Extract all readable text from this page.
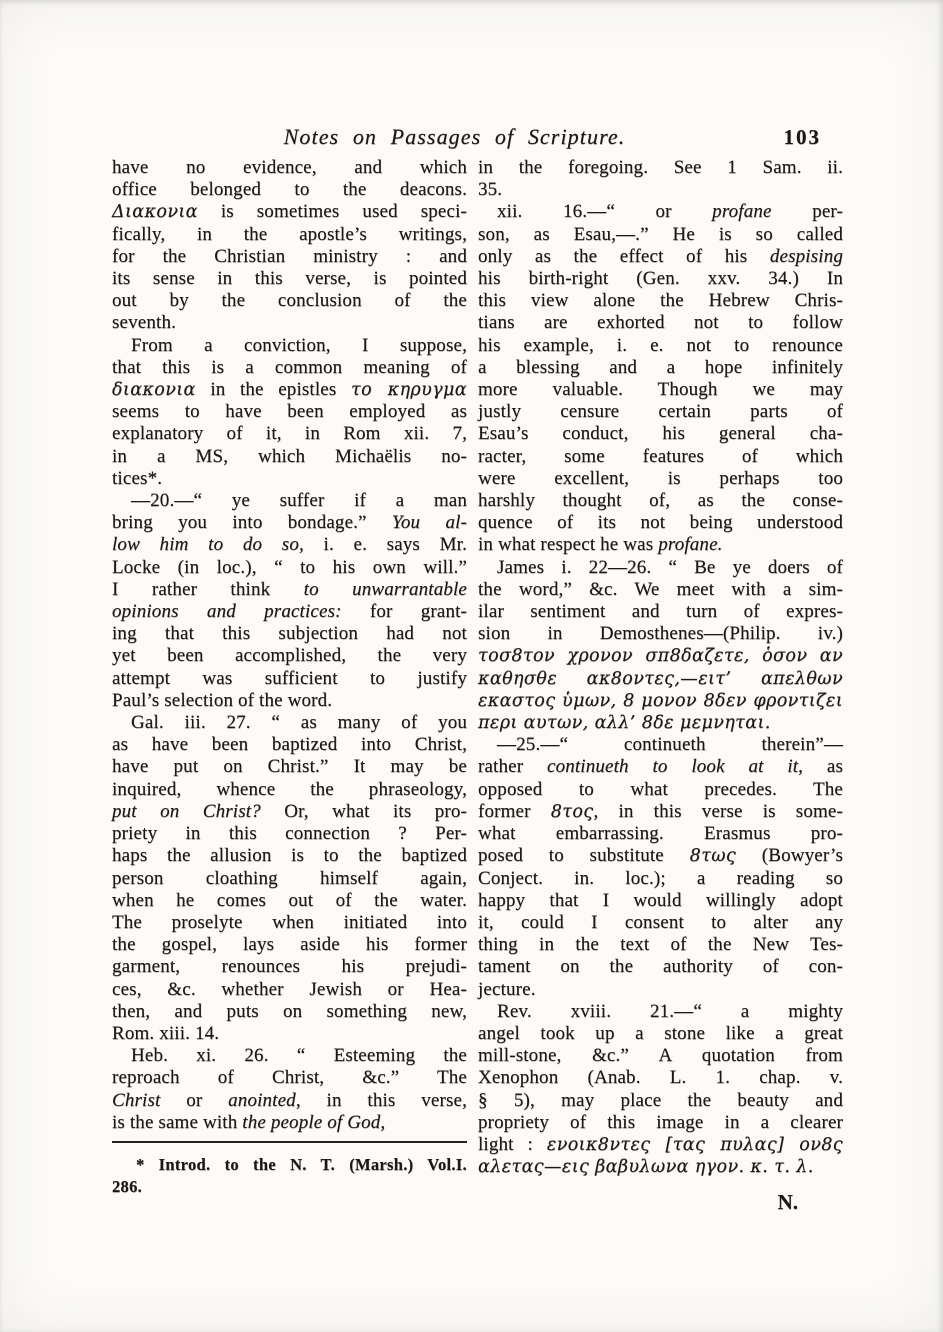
Notes on Passages of Scripture.	103

have no evidence, and which
office belonged to the deacons.
Διακονια is sometimes used speci-
fically, in the apostle’s writings,
for the Christian ministry : and
its sense in this verse, is pointed
out by the conclusion of the
seventh.

From a conviction, I suppose,
that this is a common meaning of
διακονια in the epistles το κηρυγμα
seems to have been employed as
explanatory of it, in Rom xii. 7,
in a MS, which Michaëlis no-
tices*.

—20.—“ ye suffer if a man
bring you into bondage.” You al-
low him to do so, i. e. says Mr.
Locke (in loc.), “ to his own will.”
I rather think to unwarrantable
opinions and practices: for grant-
ing that this subjection had not
yet been accomplished, the very
attempt was sufficient to justify
Paul’s selection of the word.

Gal. iii. 27. “ as many of you
as have been baptized into Christ,
have put on Christ.” It may be
inquired, whence the phraseology,
put on Christ? Or, what its pro-
priety in this connection ? Per-
haps the allusion is to the baptized
person cloathing himself again,
when he comes out of the water.
The proselyte when initiated into
the gospel, lays aside his former
garment, renounces his prejudi-
ces, &c. whether Jewish or Hea-
then, and puts on something new,
Rom. xiii. 14.

Heb. xi. 26. “ Esteeming the
reproach of Christ, &c.” The
Christ or anointed, in this verse,
is the same with the people of God,

in the foregoing. See 1 Sam. ii.
35.

xii. 16.—“ or profane per-
son, as Esau,—.” He is so called
only as the effect of his despising
his birth-right (Gen. xxv. 34.) In
this view alone the Hebrew Chris-
tians are exhorted not to follow
his example, i. e. not to renounce
a blessing and a hope infinitely
more valuable. Though we may
justly censure certain parts of
Esau’s conduct, his general cha-
racter, some features of which
were excellent, is perhaps too
harshly thought of, as the conse-
quence of its not being understood
in what respect he was profane.

James i. 22—26. “ Be ye doers of
the word,” &c. We meet with a sim-
ilar sentiment and turn of expres-
sion in Demosthenes—(Philip. iv.)
τοσ8τον χρονον σπ8δαζετε, ὁσον αν
καθησθε ακ8οντες,—ειτ’ απελθων
εκαστος ὑμων, 8 μονον 8δεν φροντιζει
περι αυτων, αλλ’ 8δε μεμνηται.

—25.—“ continueth therein”—
rather continueth to look at it, as
opposed to what precedes. The
former 8τος, in this verse is some-
what embarrassing. Erasmus pro-
posed to substitute 8τως (Bowyer’s
Conject. in. loc.); a reading so
happy that I would willingly adopt
it, could I consent to alter any
thing in the text of the New Tes-
tament on the authority of con-
jecture.

Rev. xviii. 21.—“ a mighty
angel took up a stone like a great
mill-stone, &c.” A quotation from
Xenophon (Anab. L. 1. chap. v.
§ 5), may place the beauty and
propriety of this image in a clearer
light : ενοικ8ντες [τας πυλας] ον8ς
αλετας—εις βαβυλωνα ηγον. κ. τ. λ.

* Introd. to the N. T. (Marsh.) Vol.I.
286.
N.
